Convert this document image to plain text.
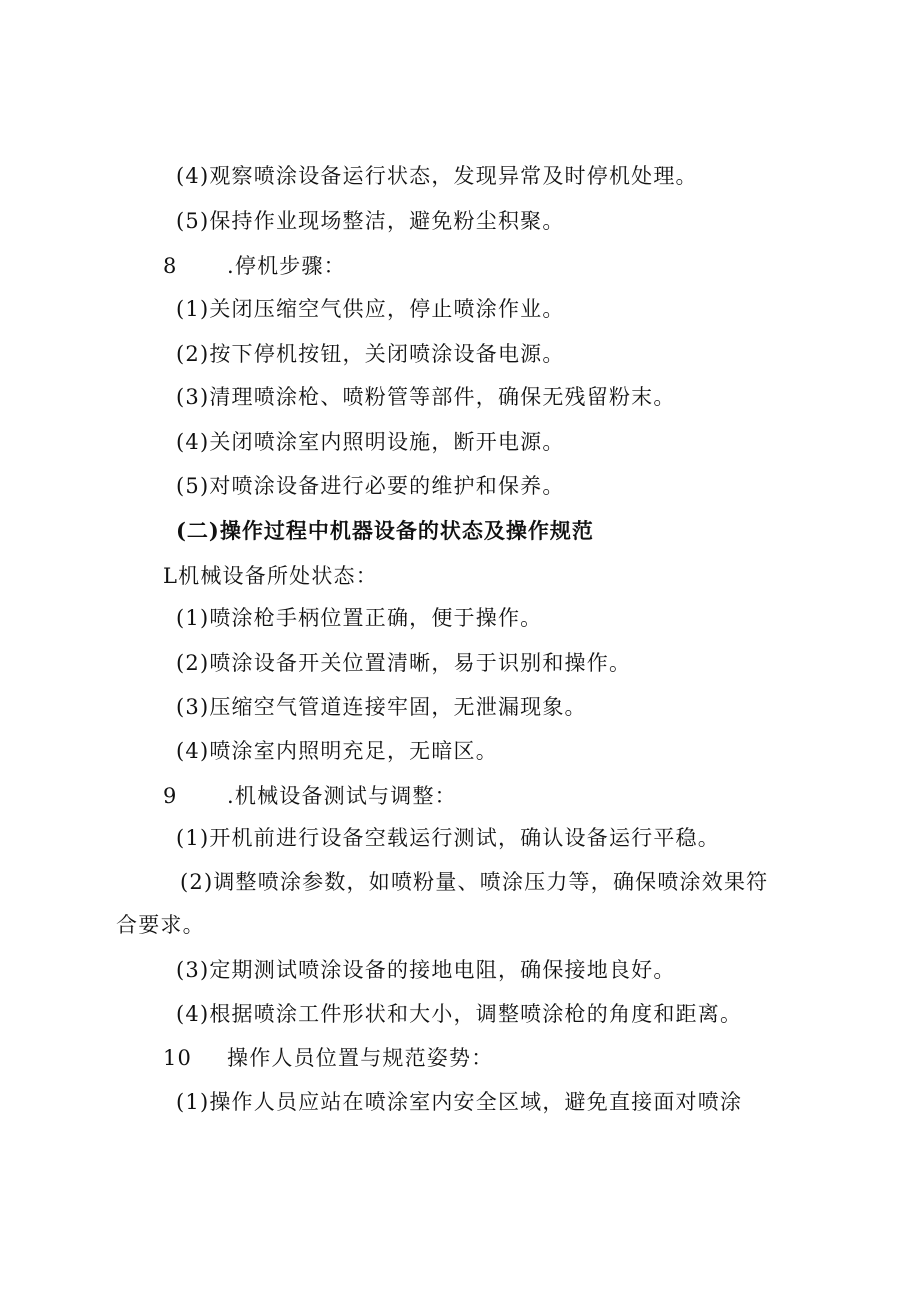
(4)观察喷涂设备运行状态，发现异常及时停机处理。
(5)保持作业现场整洁，避免粉尘积聚。
8 .停机步骤：
(1)关闭压缩空气供应，停止喷涂作业。
(2)按下停机按钮，关闭喷涂设备电源。
(3)清理喷涂枪、喷粉管等部件，确保无残留粉末。
(4)关闭喷涂室内照明设施，断开电源。
(5)对喷涂设备进行必要的维护和保养。
(二)操作过程中机器设备的状态及操作规范
L机械设备所处状态：
(1)喷涂枪手柄位置正确，便于操作。
(2)喷涂设备开关位置清晰，易于识别和操作。
(3)压缩空气管道连接牢固，无泄漏现象。
(4)喷涂室内照明充足，无暗区。
9 .机械设备测试与调整：
(1)开机前进行设备空载运行测试，确认设备运行平稳。
(2)调整喷涂参数，如喷粉量、喷涂压力等，确保喷涂效果符
合要求。
(3)定期测试喷涂设备的接地电阻，确保接地良好。
(4)根据喷涂工件形状和大小，调整喷涂枪的角度和距离。
10 操作人员位置与规范姿势：
(1)操作人员应站在喷涂室内安全区域，避免直接面对喷涂
